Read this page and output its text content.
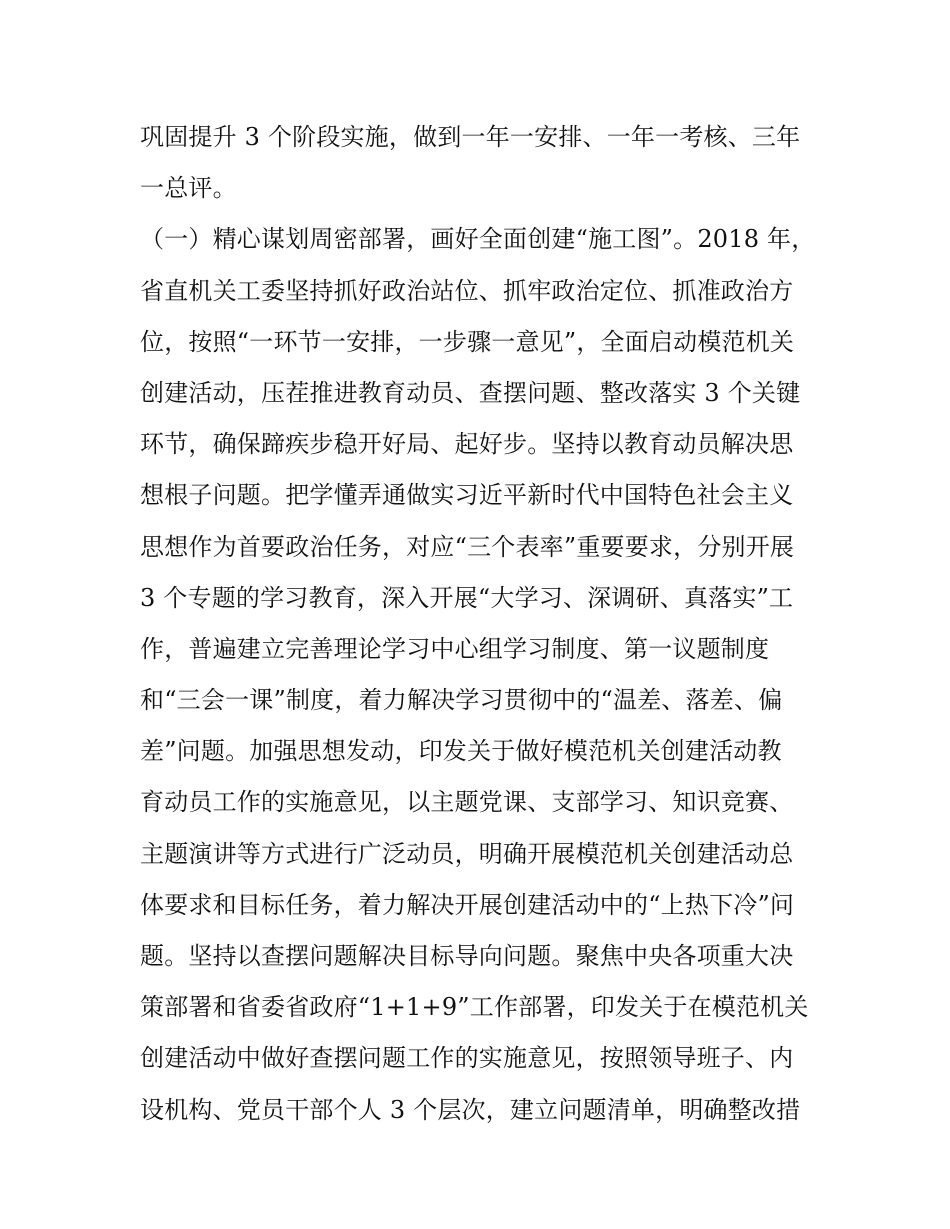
巩固提升 3 个阶段实施，做到一年一安排、一年一考核、三年
一总评。
（一）精心谋划周密部署，画好全面创建“施工图”。2018 年，
省直机关工委坚持抓好政治站位、抓牢政治定位、抓准政治方
位，按照“一环节一安排，一步骤一意见”，全面启动模范机关
创建活动，压茬推进教育动员、查摆问题、整改落实 3 个关键
环节，确保蹄疾步稳开好局、起好步。坚持以教育动员解决思
想根子问题。把学懂弄通做实习近平新时代中国特色社会主义
思想作为首要政治任务，对应“三个表率”重要要求，分别开展
3 个专题的学习教育，深入开展“大学习、深调研、真落实”工
作，普遍建立完善理论学习中心组学习制度、第一议题制度
和“三会一课”制度，着力解决学习贯彻中的“温差、落差、偏
差”问题。加强思想发动，印发关于做好模范机关创建活动教
育动员工作的实施意见，以主题党课、支部学习、知识竞赛、
主题演讲等方式进行广泛动员，明确开展模范机关创建活动总
体要求和目标任务，着力解决开展创建活动中的“上热下冷”问
题。坚持以查摆问题解决目标导向问题。聚焦中央各项重大决
策部署和省委省政府“1+1+9”工作部署，印发关于在模范机关
创建活动中做好查摆问题工作的实施意见，按照领导班子、内
设机构、党员干部个人 3 个层次，建立问题清单，明确整改措
